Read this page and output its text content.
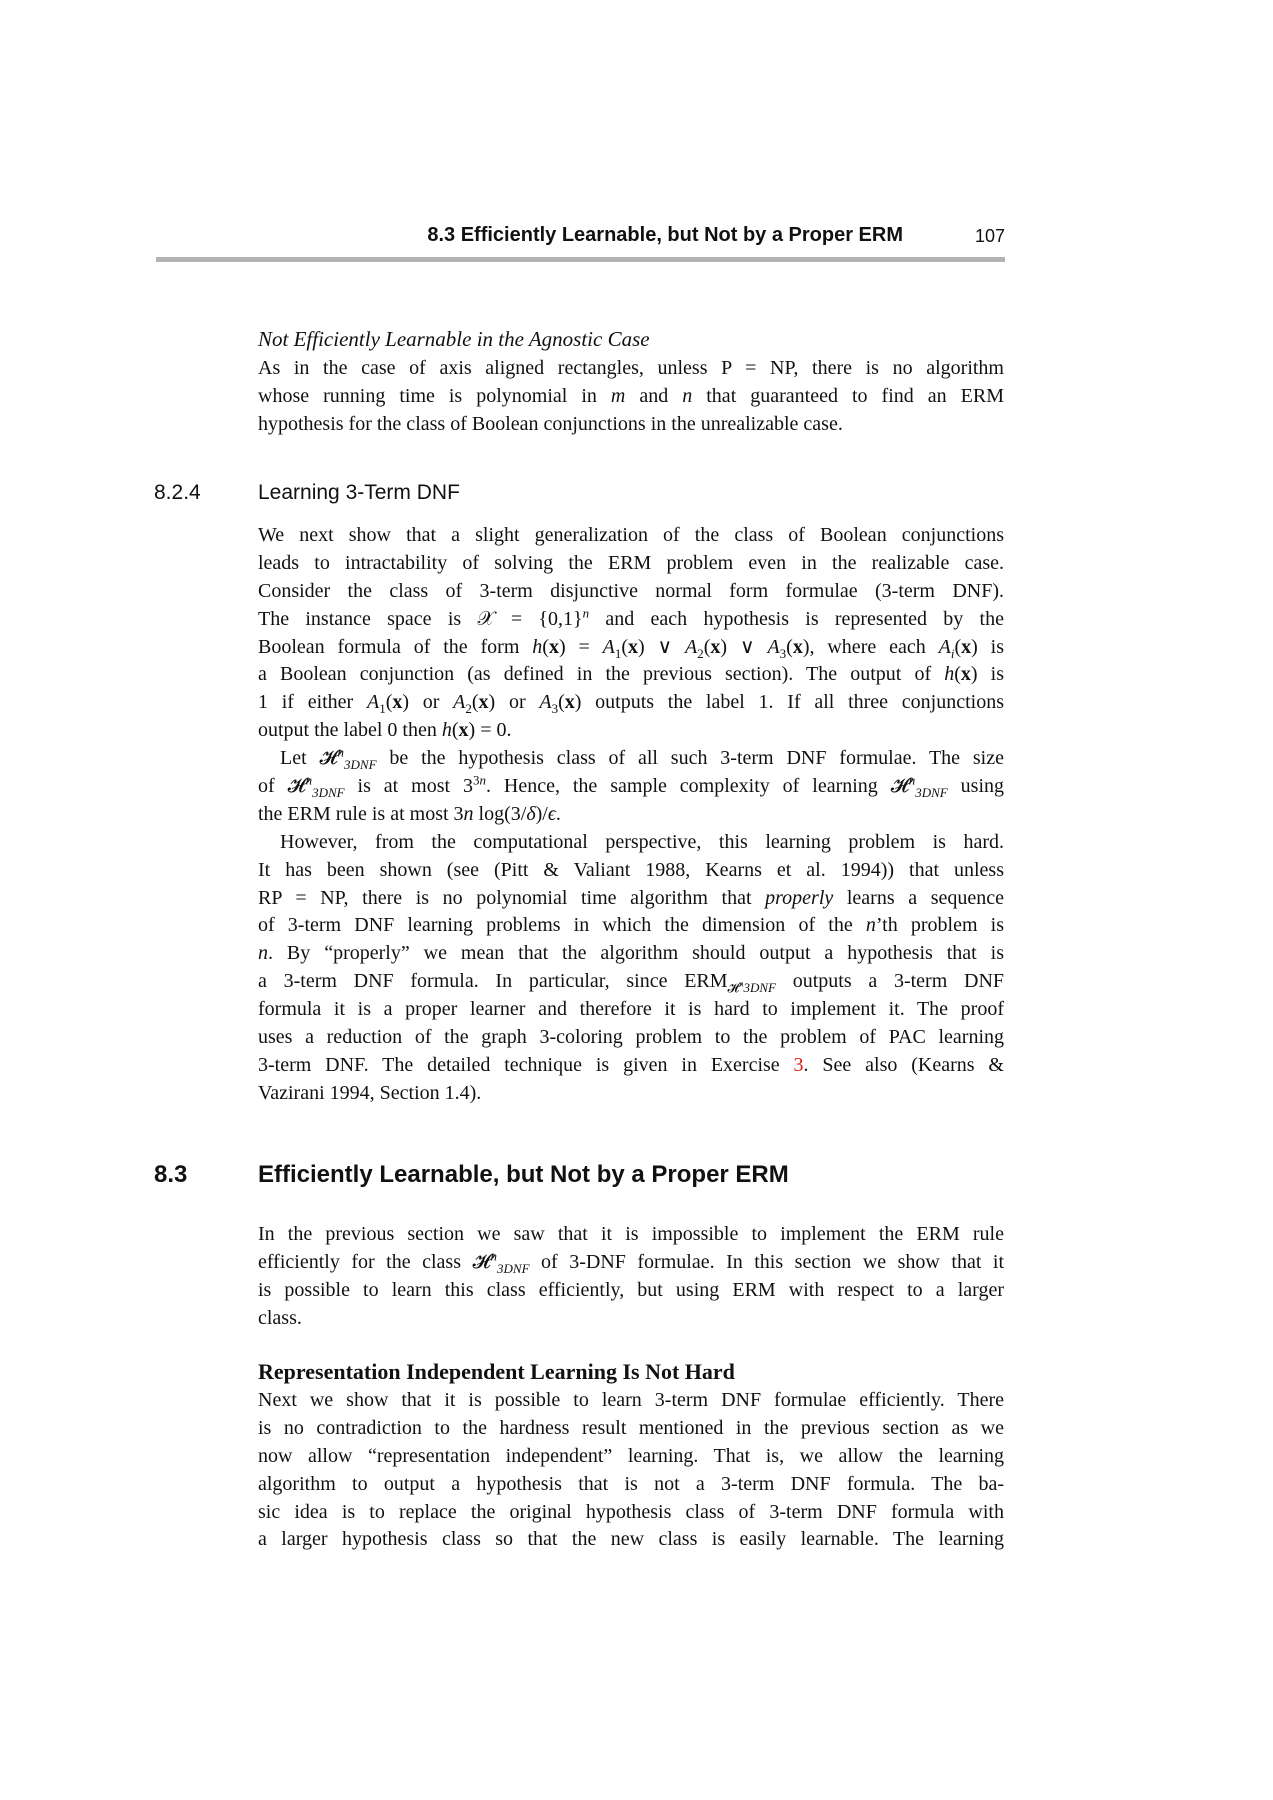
8.3 Efficiently Learnable, but Not by a Proper ERM	107
Not Efficiently Learnable in the Agnostic Case
As in the case of axis aligned rectangles, unless P = NP, there is no algorithm
whose running time is polynomial in m and n that guaranteed to find an ERM
hypothesis for the class of Boolean conjunctions in the unrealizable case.
8.2.4	Learning 3-Term DNF
We next show that a slight generalization of the class of Boolean conjunctions
leads to intractability of solving the ERM problem even in the realizable case.
Consider the class of 3-term disjunctive normal form formulae (3-term DNF).
The instance space is 𝒳 = $\{0,1\}^n$ and each hypothesis is represented by the
Boolean formula of the form $h(x) = A_1(x)$ ∨ $A_2(x)$ ∨ $A_3(x)$, where each $A_i(x)$ is
a Boolean conjunction (as defined in the previous section). The output of h(x) is
1 if either $A_1(x)$ or $A_2(x)$ or $A_3(x)$ outputs the label 1. If all three conjunctions
output the label 0 then h(x) = 0.
Let 𝓗$^n_{3DNF}$ be the hypothesis class of all such 3-term DNF formulae. The size
of 𝓗$^n_{3DNF}$ is at most $3^{3n}$. Hence, the sample complexity of learning 𝓗$^n_{3DNF}$ using
the ERM rule is at most 3n log(3/δ)/ϵ.
However, from the computational perspective, this learning problem is hard.
It has been shown (see (Pitt & Valiant 1988, Kearns et al. 1994)) that unless
RP = NP, there is no polynomial time algorithm that properly learns a sequence
of 3-term DNF learning problems in which the dimension of the n’th problem is
n. By “properly” we mean that the algorithm should output a hypothesis that is
a 3-term DNF formula. In particular, since $ERM_{𝓗^n3DNF}$ outputs a 3-term DNF
formula it is a proper learner and therefore it is hard to implement it. The proof
uses a reduction of the graph 3-coloring problem to the problem of PAC learning
3-term DNF. The detailed technique is given in Exercise 3. See also (Kearns &
Vazirani 1994, Section 1.4).
8.3	Efficiently Learnable, but Not by a Proper ERM
In the previous section we saw that it is impossible to implement the ERM rule
efficiently for the class 𝓗$^n_{3DNF}$ of 3-DNF formulae. In this section we show that it
is possible to learn this class efficiently, but using ERM with respect to a larger
class.
Representation Independent Learning Is Not Hard
Next we show that it is possible to learn 3-term DNF formulae efficiently. There
is no contradiction to the hardness result mentioned in the previous section as we
now allow “representation independent” learning. That is, we allow the learning
algorithm to output a hypothesis that is not a 3-term DNF formula. The ba-
sic idea is to replace the original hypothesis class of 3-term DNF formula with
a larger hypothesis class so that the new class is easily learnable. The learning
